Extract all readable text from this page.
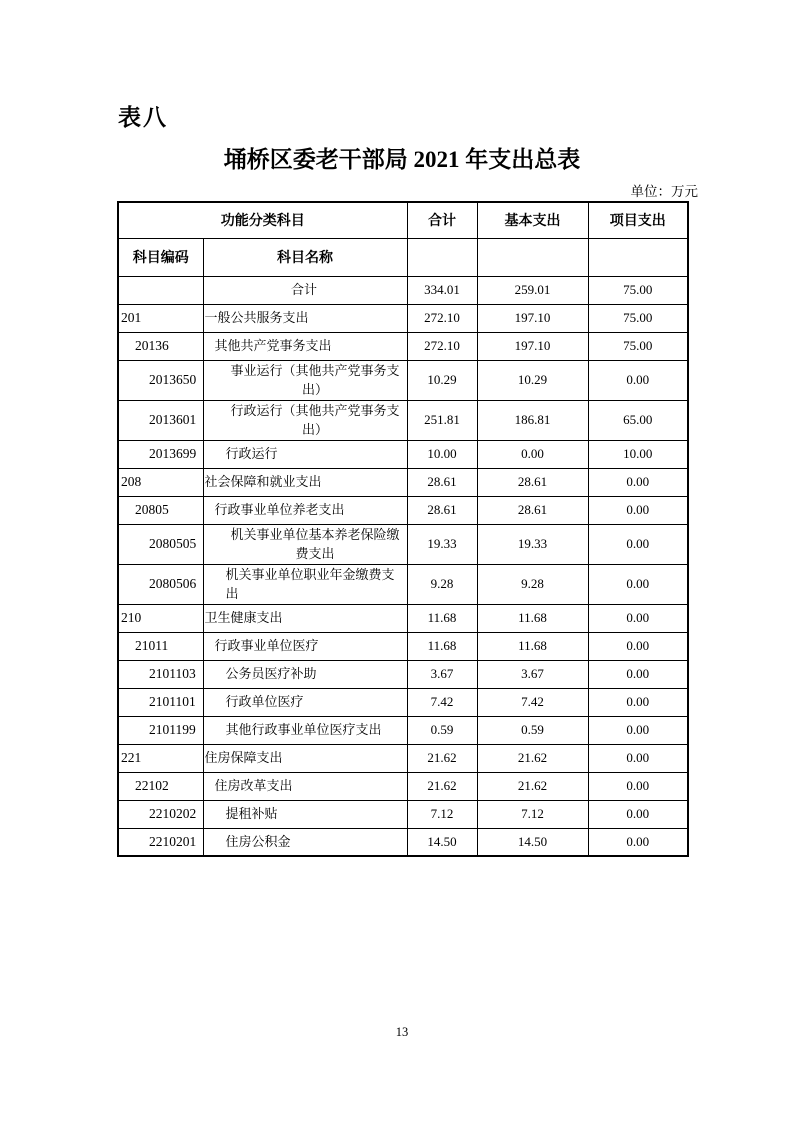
表八
埇桥区委老干部局 2021 年支出总表
单位：万元
功能分类科目		合计	基本支出	项目支出
科目编码	科目名称			
	合计	334.01	259.01	75.00
201	一般公共服务支出	272.10	197.10	75.00
20136	其他共产党事务支出	272.10	197.10	75.00
2013650	事业运行（其他共产党事务支出）	10.29	10.29	0.00
2013601	行政运行（其他共产党事务支出）	251.81	186.81	65.00
2013699	行政运行	10.00	0.00	10.00
208	社会保障和就业支出	28.61	28.61	0.00
20805	行政事业单位养老支出	28.61	28.61	0.00
2080505	机关事业单位基本养老保险缴费支出	19.33	19.33	0.00
2080506	机关事业单位职业年金缴费支出	9.28	9.28	0.00
210	卫生健康支出	11.68	11.68	0.00
21011	行政事业单位医疗	11.68	11.68	0.00
2101103	公务员医疗补助	3.67	3.67	0.00
2101101	行政单位医疗	7.42	7.42	0.00
2101199	其他行政事业单位医疗支出	0.59	0.59	0.00
221	住房保障支出	21.62	21.62	0.00
22102	住房改革支出	21.62	21.62	0.00
2210202	提租补贴	7.12	7.12	0.00
2210201	住房公积金	14.50	14.50	0.00
13
